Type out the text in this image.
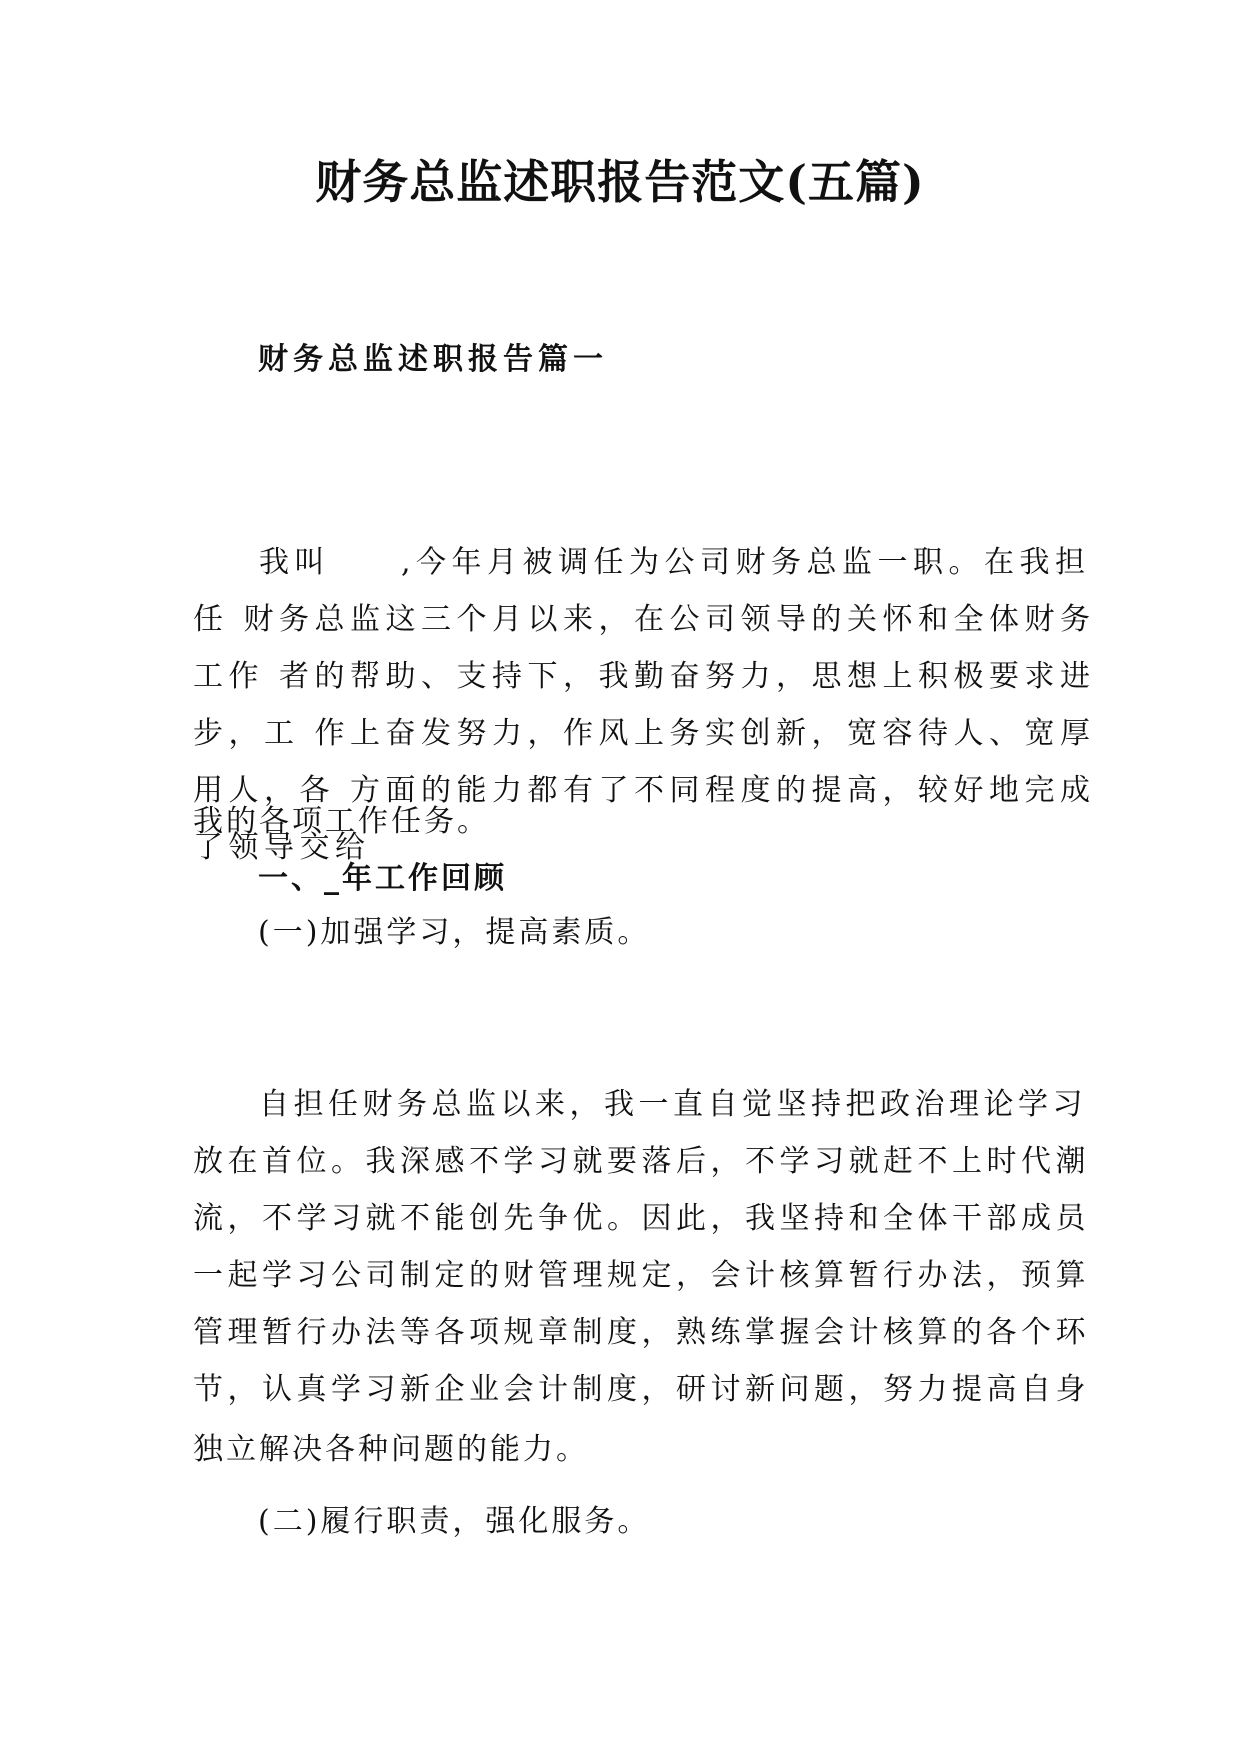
财务总监述职报告范文(五篇)
财务总监述职报告篇一
我叫　　,今年月被调任为公司财务总监一职。在我担
任 财务总监这三个月以来，在公司领导的关怀和全体财务
工作 者的帮助、支持下，我勤奋努力，思想上积极要求进
步，工 作上奋发努力，作风上务实创新，宽容待人、宽厚
用人，各 方面的能力都有了不同程度的提高，较好地完成
了领导交给
我的各项工作任务。
一、_年工作回顾
(一)加强学习，提高素质。
自担任财务总监以来，我一直自觉坚持把政治理论学习
放在首位。我深感不学习就要落后，不学习就赶不上时代潮
流，不学习就不能创先争优。因此，我坚持和全体干部成员
一起学习公司制定的财管理规定，会计核算暂行办法，预算
管理暂行办法等各项规章制度，熟练掌握会计核算的各个环
节，认真学习新企业会计制度，研讨新问题，努力提高自身
独立解决各种问题的能力。
(二)履行职责，强化服务。
